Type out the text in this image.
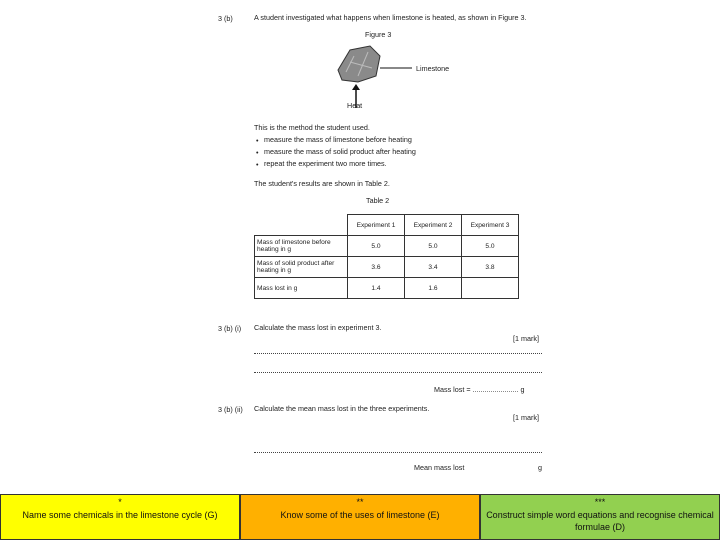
3 (b)	A student investigated what happens when limestone is heated, as shown in Figure 3.
Figure 3
Limestone
Heat
This is the method the student used.
• measure the mass of limestone before heating
• measure the mass of solid product after heating
• repeat the experiment two more times.
The student's results are shown in Table 2.
Table 2
	Experiment 1	Experiment 2	Experiment 3
Mass of limestone before heating in g	5.0	5.0	5.0
Mass of solid product after heating in g	3.6	3.4	3.8
Mass lost in g	1.4	1.6	
3 (b) (i) Calculate the mass lost in experiment 3.
[1 mark]
Mass lost = ....................... g
3 (b) (ii) Calculate the mean mass lost in the three experiments.
[1 mark]
Mean mass lost	g
*
Name some chemicals in the limestone cycle (G)
**
Know some of the uses of limestone (E)
***
Construct simple word equations and recognise chemical formulae (D)
